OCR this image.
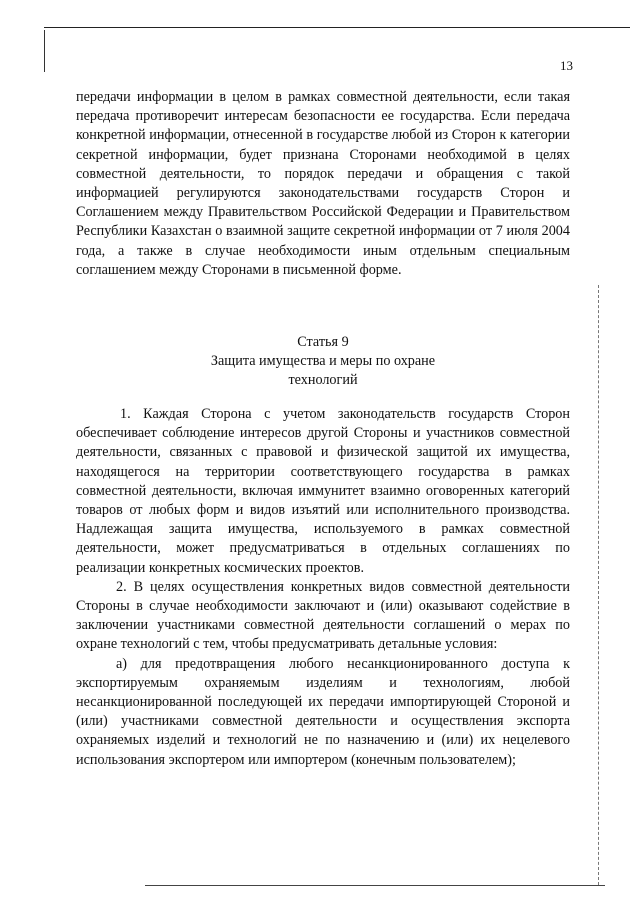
13

передачи информации в целом в рамках совместной деятельности, если такая передача противоречит интересам безопасности ее государства. Если передача конкретной информации, отнесенной в государстве любой из Сторон к категории секретной информации, будет признана Сторонами необходимой в целях совместной деятельности, то порядок передачи и обращения с такой информацией регулируются законодательствами государств Сторон и Соглашением между Правительством Российской Федерации и Правительством Республики Казахстан о взаимной защите секретной информации от 7 июля 2004 года, а также в случае необходимости иным отдельным специальным соглашением между Сторонами в письменной форме.

Статья 9
Защита имущества и меры по охране
технологий

1. Каждая Сторона с учетом законодательств государств Сторон обеспечивает соблюдение интересов другой Стороны и участников совместной деятельности, связанных с правовой и физической защитой их имущества, находящегося на территории соответствующего государства в рамках совместной деятельности, включая иммунитет взаимно оговоренных категорий товаров от любых форм и видов изъятий или исполнительного производства. Надлежащая защита имущества, используемого в рамках совместной деятельности, может предусматриваться в отдельных соглашениях по реализации конкретных космических проектов.

2. В целях осуществления конкретных видов совместной деятельности Стороны в случае необходимости заключают и (или) оказывают содействие в заключении участниками совместной деятельности соглашений о мерах по охране технологий с тем, чтобы предусматривать детальные условия:

а) для предотвращения любого несанкционированного доступа к экспортируемым охраняемым изделиям и технологиям, любой несанкционированной последующей их передачи импортирующей Стороной и (или) участниками совместной деятельности и осуществления экспорта охраняемых изделий и технологий не по назначению и (или) их нецелевого использования экспортером или импортером (конечным пользователем);
